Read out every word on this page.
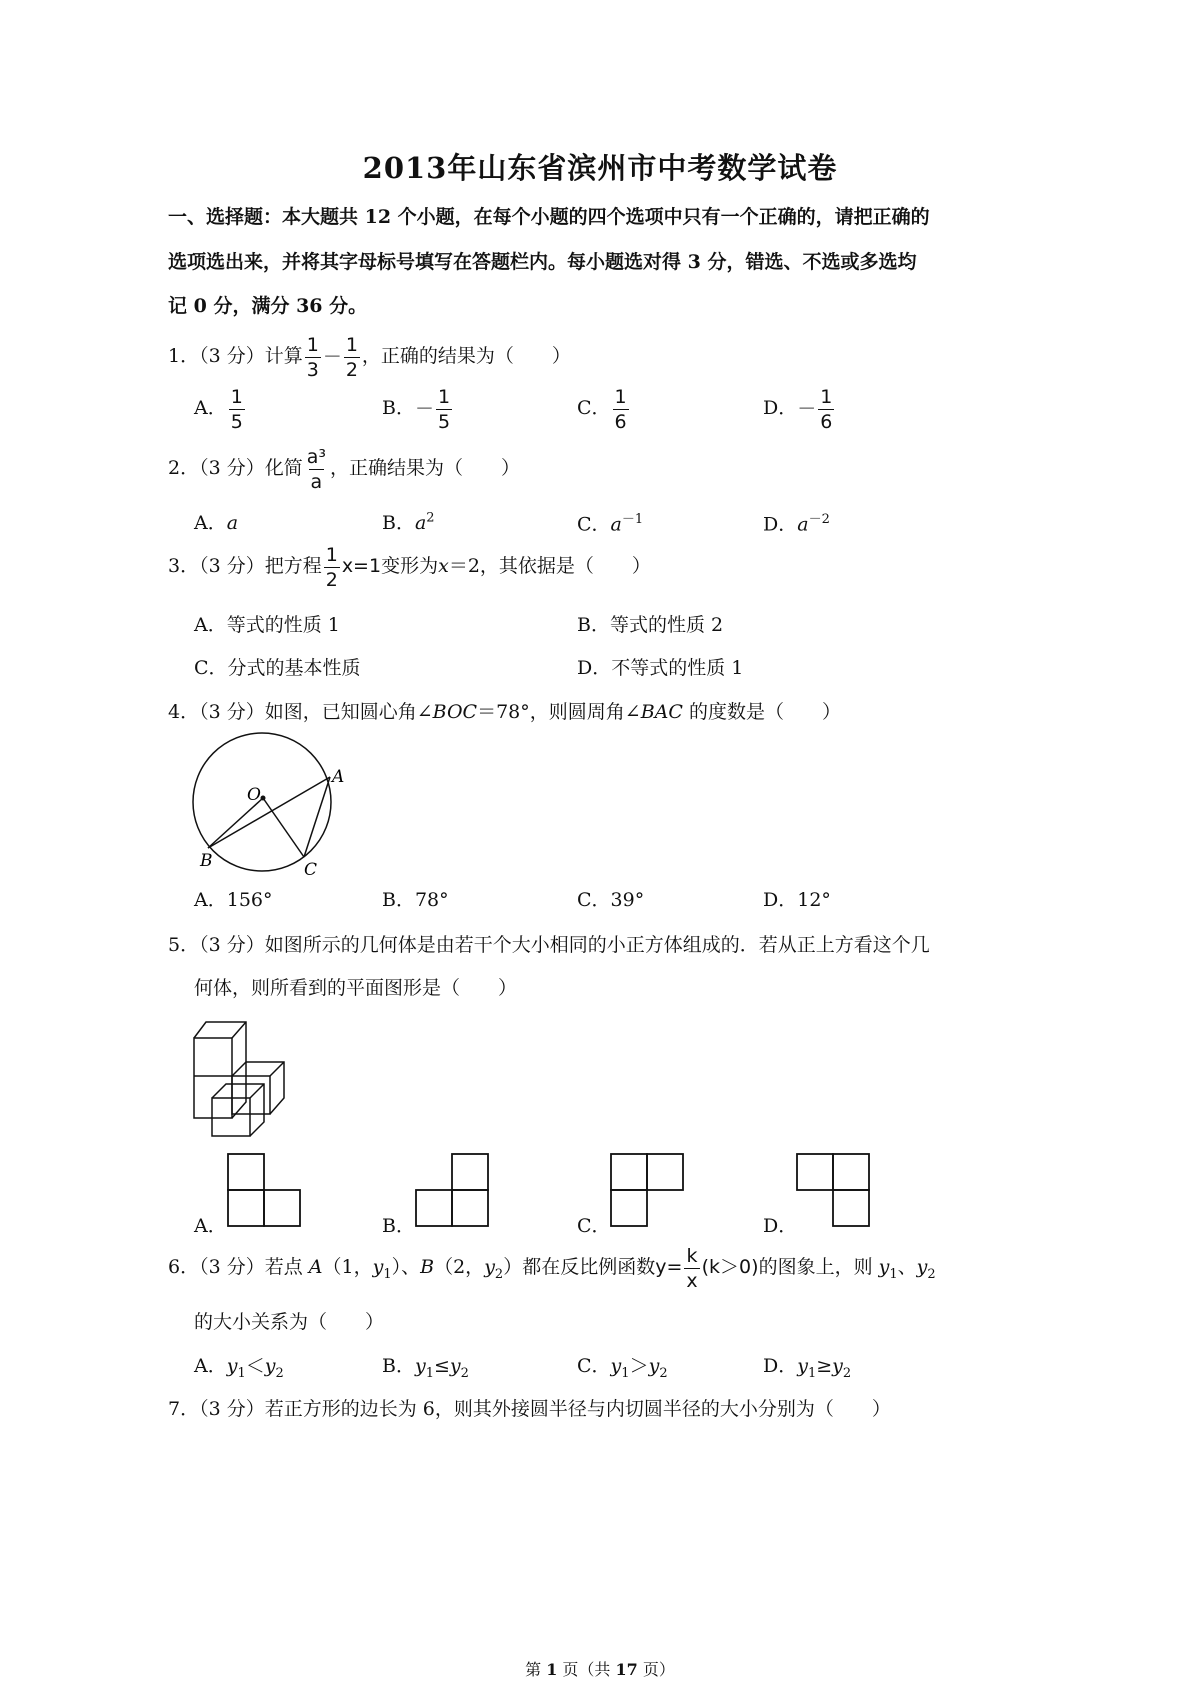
2013年山东省滨州市中考数学试卷
一、选择题：本大题共 12 个小题，在每个小题的四个选项中只有一个正确的，请把正确的
选项选出来，并将其字母标号填写在答题栏内。每小题选对得 3 分，错选、不选或多选均
记 0 分，满分 36 分。
1．（3 分）计算 $\frac{1}{3} - \frac{1}{2}$ ，正确的结果为（　　）
A． $\frac{1}{5}$	B．－ $\frac{1}{5}$	C． $\frac{1}{6}$	D．－ $\frac{1}{6}$
2．（3 分）化简 $\frac{\text{a³}}{a}$ ，正确结果为（　　）
A．a	B．$a^2$	C．$a^{-1}$	D．$a^{-2}$
3．（3 分）把方程 $\frac{1}{2} x=1$变形为x＝2，其依据是（　　）
A．等式的性质 1	B．等式的性质 2
C．分式的基本性质	D．不等式的性质 1
4．（3 分）如图，已知圆心角∠BOC＝78°，则圆周角∠BAC 的度数是（　　）
O
A
B	C
A．156°	B．78°	C．39°	D．12°
5．（3 分）如图所示的几何体是由若干个大小相同的小正方体组成的．若从正上方看这个几
何体，则所看到的平面图形是（　　）
A．	B．	C．	D．
6．（3 分）若点 A（1，$y_1$）、B（2，$y_2$）都在反比例函数$y= \frac{k}{x} (k>0)$的图象上，则 $y_1$、$y_2$
的大小关系为（　　）
A．$y_1<y_2$	B．$y_1\le y_2$	C．$y_1>y_2$	D．$y_1\ge y_2$
7．（3 分）若正方形的边长为 6，则其外接圆半径与内切圆半径的大小分别为（　　）
第 1 页（共 17 页）
